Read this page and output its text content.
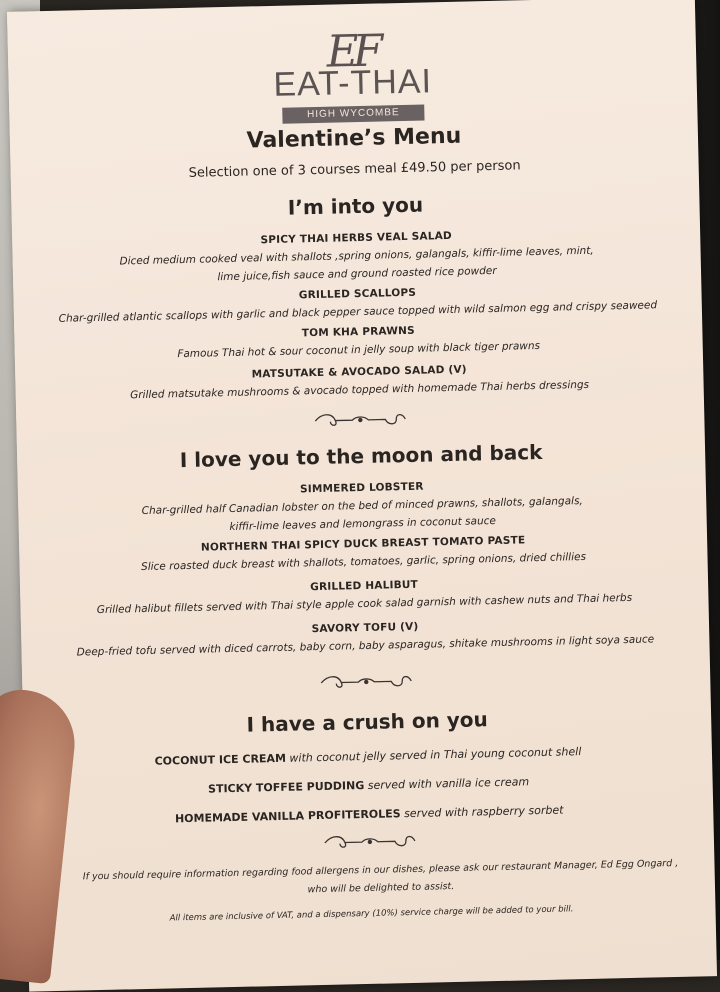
EF
EAT-THAI
HIGH WYCOMBE
Valentine’s Menu
Selection one of 3 courses meal £49.50 per person
I’m into you
SPICY THAI HERBS VEAL SALAD
Diced medium cooked veal with shallots ,spring onions, galangals, kiffir-lime leaves, mint,
lime juice,fish sauce and ground roasted rice powder
GRILLED SCALLOPS
Char-grilled atlantic scallops with garlic and black pepper sauce topped with wild salmon egg and crispy seaweed
TOM KHA PRAWNS
Famous Thai hot & sour coconut in jelly soup with black tiger prawns
MATSUTAKE & AVOCADO SALAD (V)
Grilled matsutake mushrooms & avocado topped with homemade Thai herbs dressings
I love you to the moon and back
SIMMERED LOBSTER
Char-grilled half Canadian lobster on the bed of minced prawns, shallots, galangals,
kiffir-lime leaves and lemongrass in coconut sauce
NORTHERN THAI SPICY DUCK BREAST TOMATO PASTE
Slice roasted duck breast with shallots, tomatoes, garlic, spring onions, dried chillies
GRILLED HALIBUT
Grilled halibut fillets served with Thai style apple cook salad garnish with cashew nuts and Thai herbs
SAVORY TOFU (V)
Deep-fried tofu served with diced carrots, baby corn, baby asparagus, shitake mushrooms in light soya sauce
I have a crush on you
COCONUT ICE CREAM with coconut jelly served in Thai young coconut shell
STICKY TOFFEE PUDDING served with vanilla ice cream
HOMEMADE VANILLA PROFITEROLES served with raspberry sorbet
If you should require information regarding food allergens in our dishes, please ask our restaurant Manager, Ed Egg Ongard , who will be delighted to assist.
All items are inclusive of VAT, and a dispensary (10%) service charge will be added to your bill.
